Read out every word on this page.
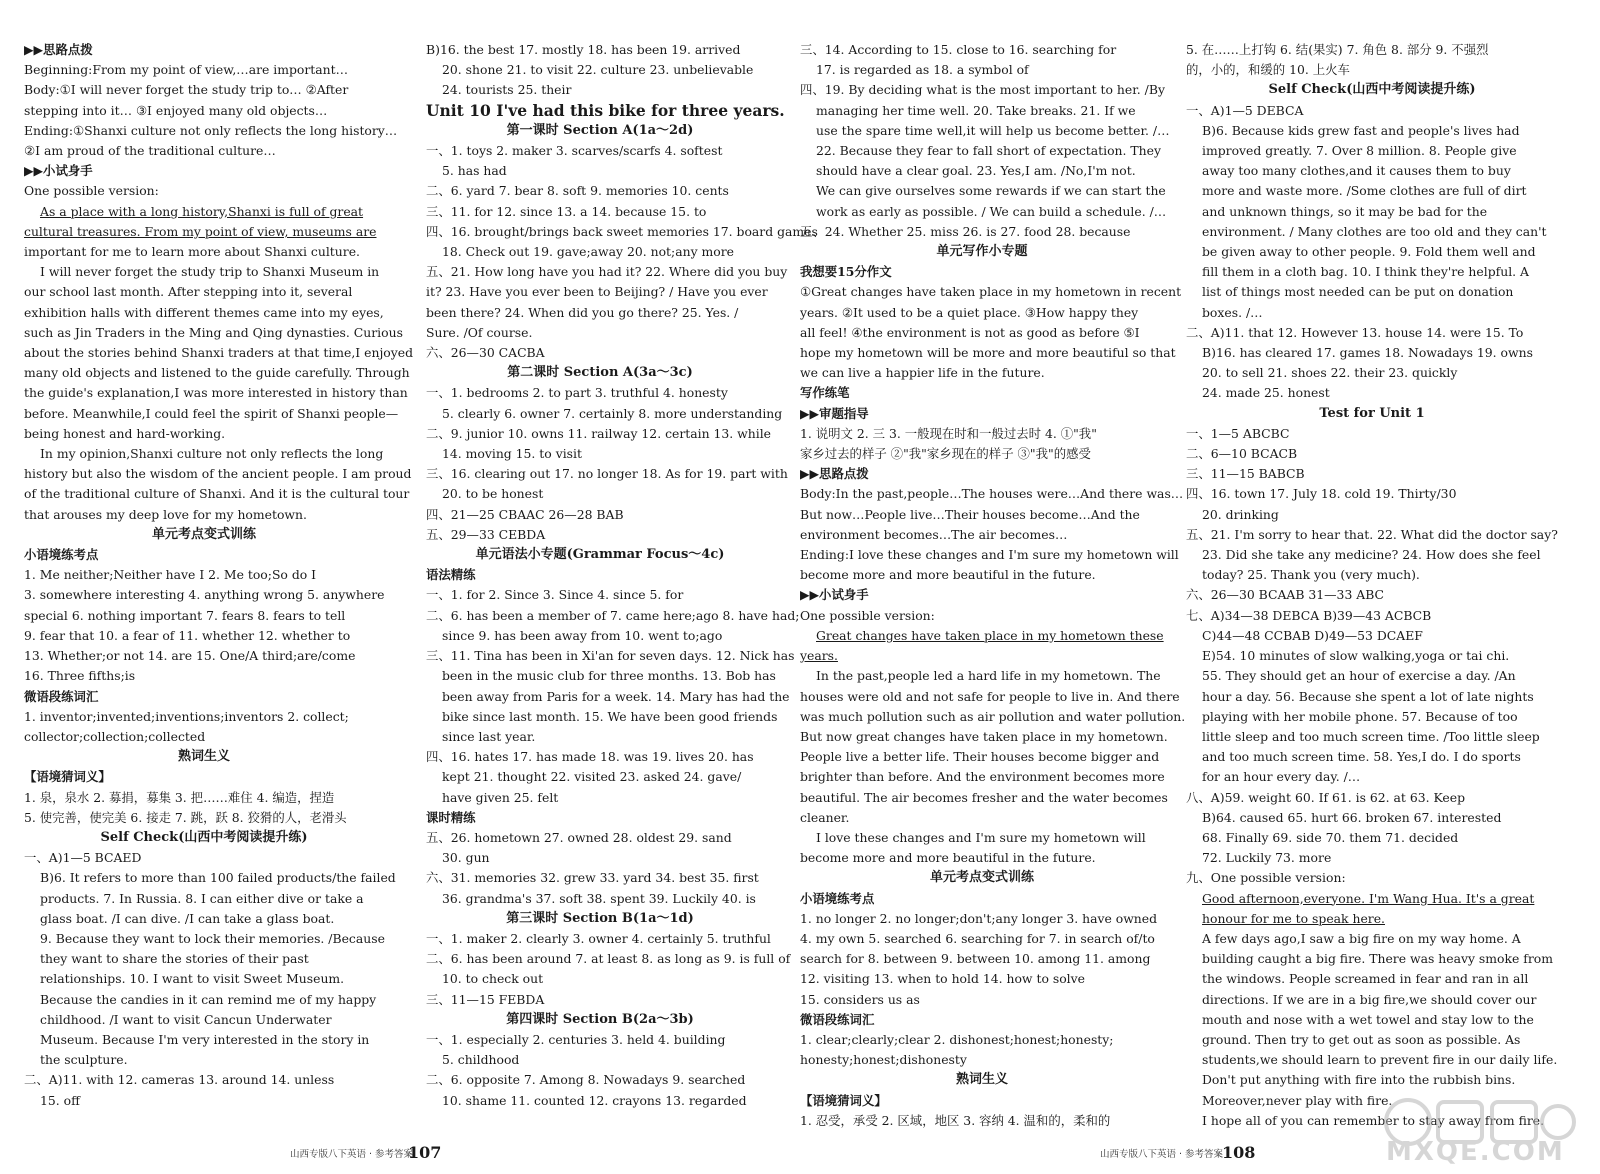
▶▶思路点拨
Beginning:From my point of view,…are important…
Body:①I will never forget the study trip to… ②After
stepping into it… ③I enjoyed many old objects…
Ending:①Shanxi culture not only reflects the long history…
②I am proud of the traditional culture…
▶▶小试身手
One possible version:
As a place with a long history,Shanxi is full of great
cultural treasures. From my point of view, museums are
important for me to learn more about Shanxi culture.
I will never forget the study trip to Shanxi Museum in
our school last month. After stepping into it, several
exhibition halls with different themes came into my eyes,
such as Jin Traders in the Ming and Qing dynasties. Curious
about the stories behind Shanxi traders at that time,I enjoyed
many old objects and listened to the guide carefully. Through
the guide's explanation,I was more interested in history than
before. Meanwhile,I could feel the spirit of Shanxi people—
being honest and hard-working.
In my opinion,Shanxi culture not only reflects the long
history but also the wisdom of the ancient people. I am proud
of the traditional culture of Shanxi. And it is the cultural tour
that arouses my deep love for my hometown.
单元考点变式训练
小语境练考点
1. Me neither;Neither have I 2. Me too;So do I
3. somewhere interesting 4. anything wrong 5. anywhere
special 6. nothing important 7. fears 8. fears to tell
9. fear that 10. a fear of 11. whether 12. whether to
13. Whether;or not 14. are 15. One/A third;are/come
16. Three fifths;is
微语段练词汇
1. inventor;invented;inventions;inventors 2. collect;
collector;collection;collected
熟词生义
【语境猜词义】
1. 泉，泉水 2. 募捐，募集 3. 把……难住 4. 编造，捏造
5. 使完善，使完美 6. 接走 7. 跳，跃 8. 狡猾的人，老滑头
Self Check(山西中考阅读提升练)
一、A)1—5 BCAED
B)6. It refers to more than 100 failed products/the failed
products. 7. In Russia. 8. I can either dive or take a
glass boat. /I can dive. /I can take a glass boat.
9. Because they want to lock their memories. /Because
they want to share the stories of their past
relationships. 10. I want to visit Sweet Museum.
Because the candies in it can remind me of my happy
childhood. /I want to visit Cancun Underwater
Museum. Because I'm very interested in the story in
the sculpture.
二、A)11. with 12. cameras 13. around 14. unless
15. off
B)16. the best 17. mostly 18. has been 19. arrived
20. shone 21. to visit 22. culture 23. unbelievable
24. tourists 25. their
Unit 10 I've had this bike for three years.
第一课时 Section A(1a～2d)
一、1. toys 2. maker 3. scarves/scarfs 4. softest
5. has had
二、6. yard 7. bear 8. soft 9. memories 10. cents
三、11. for 12. since 13. a 14. because 15. to
四、16. brought/brings back sweet memories 17. board games
18. Check out 19. gave;away 20. not;any more
五、21. How long have you had it? 22. Where did you buy
it? 23. Have you ever been to Beijing? / Have you ever
been there? 24. When did you go there? 25. Yes. /
Sure. /Of course.
六、26—30 CACBA
第二课时 Section A(3a～3c)
一、1. bedrooms 2. to part 3. truthful 4. honesty
5. clearly 6. owner 7. certainly 8. more understanding
二、9. junior 10. owns 11. railway 12. certain 13. while
14. moving 15. to visit
三、16. clearing out 17. no longer 18. As for 19. part with
20. to be honest
四、21—25 CBAAC 26—28 BAB
五、29—33 CEBDA
单元语法小专题(Grammar Focus～4c)
语法精练
一、1. for 2. Since 3. Since 4. since 5. for
二、6. has been a member of 7. came here;ago 8. have had;
since 9. has been away from 10. went to;ago
三、11. Tina has been in Xi'an for seven days. 12. Nick has
been in the music club for three months. 13. Bob has
been away from Paris for a week. 14. Mary has had the
bike since last month. 15. We have been good friends
since last year.
四、16. hates 17. has made 18. was 19. lives 20. has
kept 21. thought 22. visited 23. asked 24. gave/
have given 25. felt
课时精练
五、26. hometown 27. owned 28. oldest 29. sand
30. gun
六、31. memories 32. grew 33. yard 34. best 35. first
36. grandma's 37. soft 38. spent 39. Luckily 40. is
第三课时 Section B(1a～1d)
一、1. maker 2. clearly 3. owner 4. certainly 5. truthful
二、6. has been around 7. at least 8. as long as 9. is full of
10. to check out
三、11—15 FEBDA
第四课时 Section B(2a～3b)
一、1. especially 2. centuries 3. held 4. building
5. childhood
二、6. opposite 7. Among 8. Nowadays 9. searched
10. shame 11. counted 12. crayons 13. regarded
三、14. According to 15. close to 16. searching for
17. is regarded as 18. a symbol of
四、19. By deciding what is the most important to her. /By
managing her time well. 20. Take breaks. 21. If we
use the spare time well,it will help us become better. /…
22. Because they fear to fall short of expectation. They
should have a clear goal. 23. Yes,I am. /No,I'm not.
We can give ourselves some rewards if we can start the
work as early as possible. / We can build a schedule. /…
五、24. Whether 25. miss 26. is 27. food 28. because
单元写作小专题
我想要15分作文
①Great changes have taken place in my hometown in recent
years. ②It used to be a quiet place. ③How happy they
all feel! ④the environment is not as good as before ⑤I
hope my hometown will be more and more beautiful so that
we can live a happier life in the future.
写作练笔
▶▶审题指导
1. 说明文 2. 三 3. 一般现在时和一般过去时 4. ①"我"
家乡过去的样子 ②"我"家乡现在的样子 ③"我"的感受
▶▶思路点拨
Body:In the past,people…The houses were…And there was…
But now…People live…Their houses become…And the
environment becomes…The air becomes…
Ending:I love these changes and I'm sure my hometown will
become more and more beautiful in the future.
▶▶小试身手
One possible version:
Great changes have taken place in my hometown these
years.
In the past,people led a hard life in my hometown. The
houses were old and not safe for people to live in. And there
was much pollution such as air pollution and water pollution.
But now great changes have taken place in my hometown.
People live a better life. Their houses become bigger and
brighter than before. And the environment becomes more
beautiful. The air becomes fresher and the water becomes
cleaner.
I love these changes and I'm sure my hometown will
become more and more beautiful in the future.
单元考点变式训练
小语境练考点
1. no longer 2. no longer;don't;any longer 3. have owned
4. my own 5. searched 6. searching for 7. in search of/to
search for 8. between 9. between 10. among 11. among
12. visiting 13. when to hold 14. how to solve
15. considers us as
微语段练词汇
1. clear;clearly;clear 2. dishonest;honest;honesty;
honesty;honest;dishonesty
熟词生义
【语境猜词义】
1. 忍受，承受 2. 区域，地区 3. 容纳 4. 温和的，柔和的
5. 在……上打钩 6. 结(果实) 7. 角色 8. 部分 9. 不强烈
的，小的，和缓的 10. 上火车
Self Check(山西中考阅读提升练)
一、A)1—5 DEBCA
B)6. Because kids grew fast and people's lives had
improved greatly. 7. Over 8 million. 8. People give
away too many clothes,and it causes them to buy
more and waste more. /Some clothes are full of dirt
and unknown things, so it may be bad for the
environment. / Many clothes are too old and they can't
be given away to other people. 9. Fold them well and
fill them in a cloth bag. 10. I think they're helpful. A
list of things most needed can be put on donation
boxes. /…
二、A)11. that 12. However 13. house 14. were 15. To
B)16. has cleared 17. games 18. Nowadays 19. owns
20. to sell 21. shoes 22. their 23. quickly
24. made 25. honest
Test for Unit 1
一、1—5 ABCBC
二、6—10 BCACB
三、11—15 BABCB
四、16. town 17. July 18. cold 19. Thirty/30
20. drinking
五、21. I'm sorry to hear that. 22. What did the doctor say?
23. Did she take any medicine? 24. How does she feel
today? 25. Thank you (very much).
六、26—30 BCAAB 31—33 ABC
七、A)34—38 DEBCA B)39—43 ACBCB
C)44—48 CCBAB D)49—53 DCAEF
E)54. 10 minutes of slow walking,yoga or tai chi.
55. They should get an hour of exercise a day. /An
hour a day. 56. Because she spent a lot of late nights
playing with her mobile phone. 57. Because of too
little sleep and too much screen time. /Too little sleep
and too much screen time. 58. Yes,I do. I do sports
for an hour every day. /…
八、A)59. weight 60. If 61. is 62. at 63. Keep
B)64. caused 65. hurt 66. broken 67. interested
68. Finally 69. side 70. them 71. decided
72. Luckily 73. more
九、One possible version:
Good afternoon,everyone. I'm Wang Hua. It's a great
honour for me to speak here.
A few days ago,I saw a big fire on my way home. A
building caught a big fire. There was heavy smoke from
the windows. People screamed in fear and ran in all
directions. If we are in a big fire,we should cover our
mouth and nose with a wet towel and stay low to the
ground. Then try to get out as soon as possible. As
students,we should learn to prevent fire in our daily life.
Don't put anything with fire into the rubbish bins.
Moreover,never play with fire.
I hope all of you can remember to stay away from fire.
山西专版八下英语 · 参考答案
107	山西专版八下英语 · 参考答案
108	MXQE.COM
